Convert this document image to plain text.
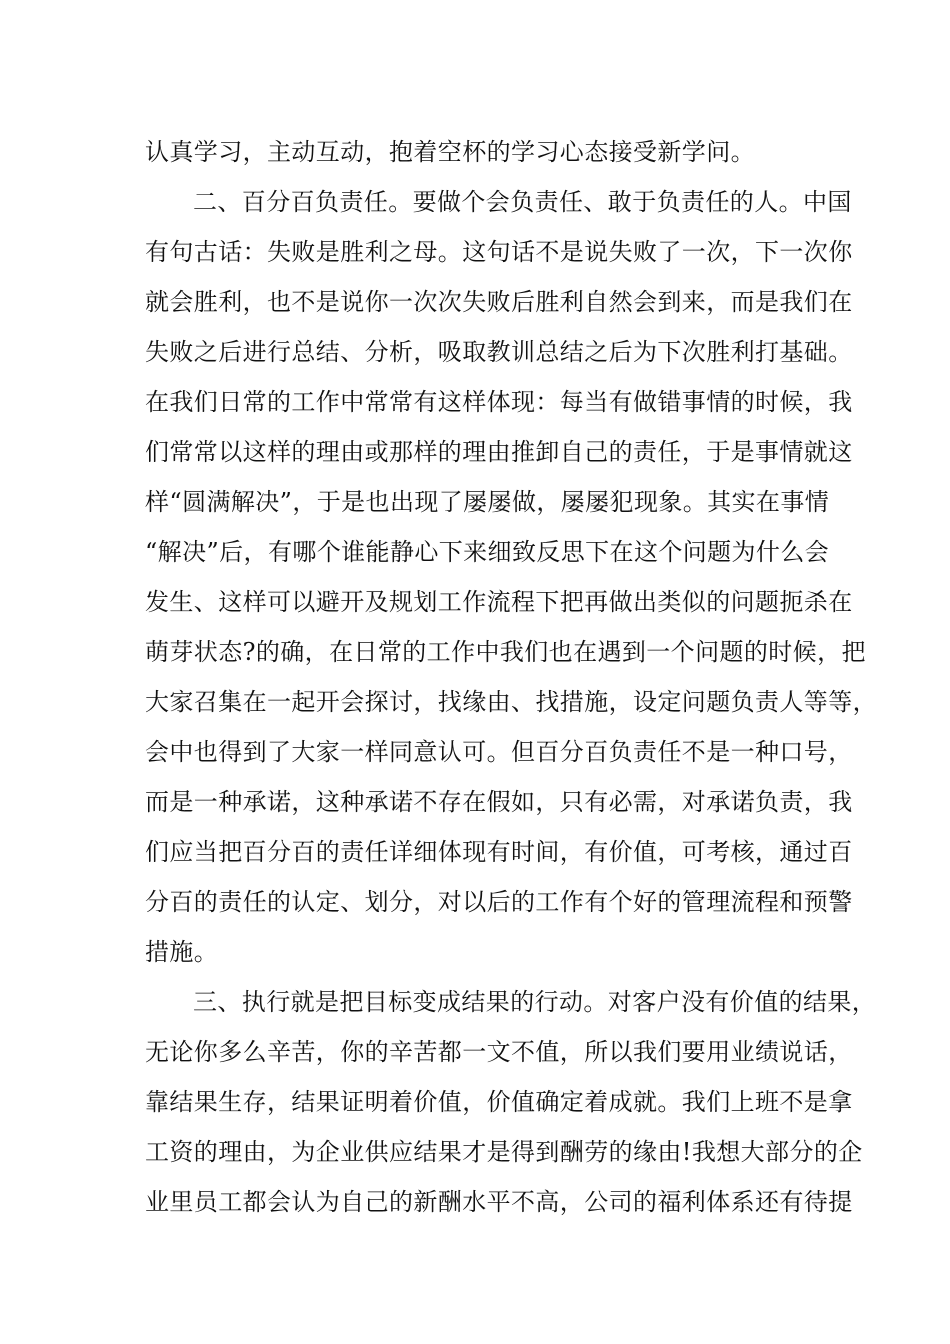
认真学习，主动互动，抱着空杯的学习心态接受新学问。
二、百分百负责任。要做个会负责任、敢于负责任的人。中国
有句古话：失败是胜利之母。这句话不是说失败了一次，下一次你
就会胜利，也不是说你一次次失败后胜利自然会到来，而是我们在
失败之后进行总结、分析，吸取教训总结之后为下次胜利打基础。
在我们日常的工作中常常有这样体现：每当有做错事情的时候，我
们常常以这样的理由或那样的理由推卸自己的责任，于是事情就这
样“圆满解决”，于是也出现了屡屡做，屡屡犯现象。其实在事情
“解决”后，有哪个谁能静心下来细致反思下在这个问题为什么会
发生、这样可以避开及规划工作流程下把再做出类似的问题扼杀在
萌芽状态?的确，在日常的工作中我们也在遇到一个问题的时候，把
大家召集在一起开会探讨，找缘由、找措施，设定问题负责人等等，
会中也得到了大家一样同意认可。但百分百负责任不是一种口号，
而是一种承诺，这种承诺不存在假如，只有必需，对承诺负责，我
们应当把百分百的责任详细体现有时间，有价值，可考核，通过百
分百的责任的认定、划分，对以后的工作有个好的管理流程和预警
措施。
三、执行就是把目标变成结果的行动。对客户没有价值的结果，
无论你多么辛苦，你的辛苦都一文不值，所以我们要用业绩说话，
靠结果生存，结果证明着价值，价值确定着成就。我们上班不是拿
工资的理由，为企业供应结果才是得到酬劳的缘由!我想大部分的企
业里员工都会认为自己的新酬水平不高，公司的福利体系还有待提
